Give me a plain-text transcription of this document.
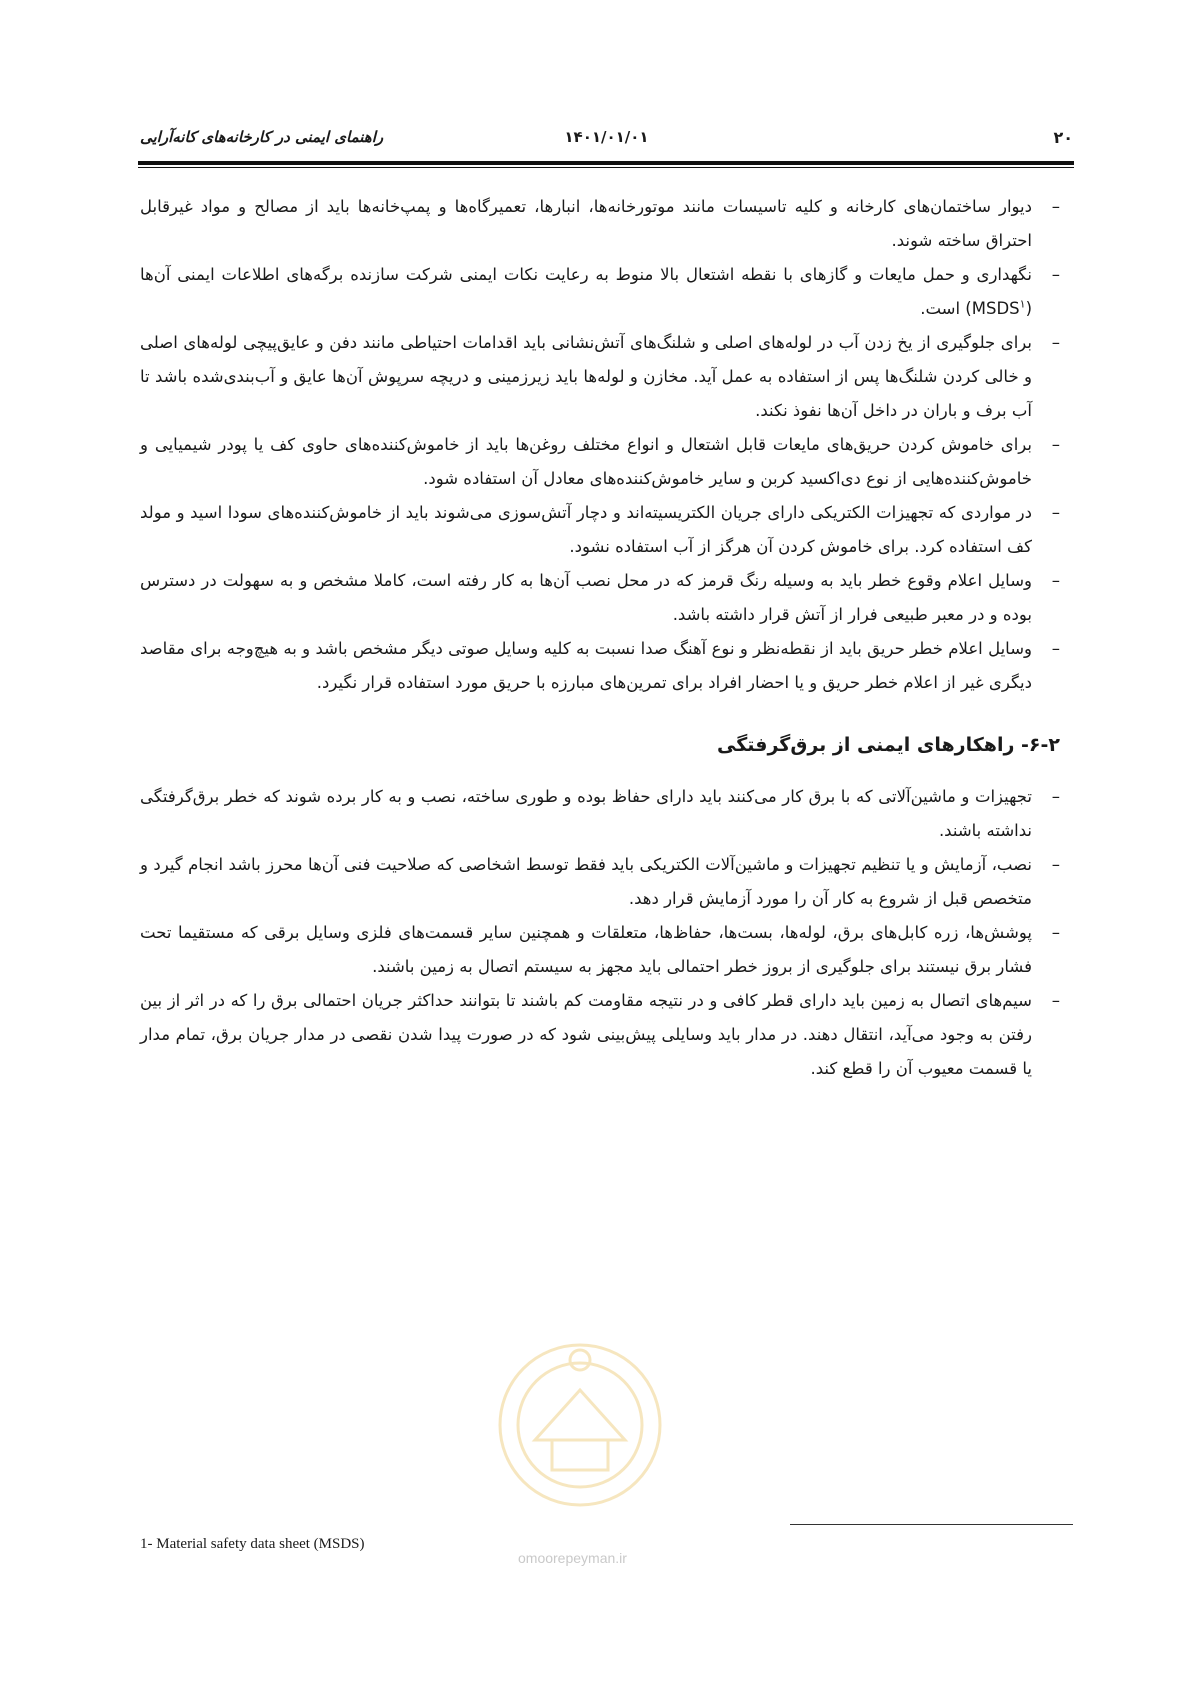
۲۰
۱۴۰۱/۰۱/۰۱
راهنمای ایمنی در کارخانه‌های کانه‌آرایی
–
دیوار ساختمان‌های کارخانه و کلیه تاسیسات مانند موتورخانه‌ها، انبارها، تعمیرگاه‌ها و پمپ‌خانه‌ها باید از مصالح و مواد غیرقابل احتراق ساخته شوند.
–
نگهداری و حمل مایعات و گازهای با نقطه اشتعال بالا منوط به رعایت نکات ایمنی شرکت سازنده برگه‌های اطلاعات ایمنی آن‌ها (MSDS$^۱$) است.
–
برای جلوگیری از یخ زدن آب در لوله‌های اصلی و شلنگ‌های آتش‌نشانی باید اقدامات احتیاطی مانند دفن و عایق‌پیچی لوله‌های اصلی و خالی کردن شلنگ‌ها پس از استفاده به عمل آید. مخازن و لوله‌ها باید زیرزمینی و دریچه سرپوش آن‌ها عایق و آب‌بندی‌شده باشد تا آب برف و باران در داخل آن‌ها نفوذ نکند.
–
برای خاموش کردن حریق‌های مایعات قابل اشتعال و انواع مختلف روغن‌ها باید از خاموش‌کننده‌های حاوی کف یا پودر شیمیایی و خاموش‌کننده‌هایی از نوع دی‌اکسید کربن و سایر خاموش‌کننده‌های معادل آن استفاده شود.
–
در مواردی که تجهیزات الکتریکی دارای جریان الکتریسیته‌اند و دچار آتش‌سوزی می‌شوند باید از خاموش‌کننده‌های سودا اسید و مولد کف استفاده کرد. برای خاموش کردن آن هرگز از آب استفاده نشود.
–
وسایل اعلام وقوع خطر باید به وسیله رنگ قرمز که در محل نصب آن‌ها به کار رفته است، کاملا مشخص و به سهولت در دسترس بوده و در معبر طبیعی فرار از آتش قرار داشته باشد.
–
وسایل اعلام خطر حریق باید از نقطه‌نظر و نوع آهنگ صدا نسبت به کلیه وسایل صوتی دیگر مشخص باشد و به هیچ‌وجه برای مقاصد دیگری غیر از اعلام خطر حریق و یا احضار افراد برای تمرین‌های مبارزه با حریق مورد استفاده قرار نگیرد.
۶-۲- راهکارهای ایمنی از برق‌گرفتگی
–
تجهیزات و ماشین‌آلاتی که با برق کار می‌کنند باید دارای حفاظ بوده و طوری ساخته، نصب و به کار برده شوند که خطر برق‌گرفتگی نداشته باشند.
–
نصب، آزمایش و یا تنظیم تجهیزات و ماشین‌آلات الکتریکی باید فقط توسط اشخاصی که صلاحیت فنی آن‌ها محرز باشد انجام گیرد و متخصص قبل از شروع به کار آن را مورد آزمایش قرار دهد.
–
پوشش‌ها، زره کابل‌های برق، لوله‌ها، بست‌ها، حفاظ‌ها، متعلقات و همچنین سایر قسمت‌های فلزی وسایل برقی که مستقیما تحت فشار برق نیستند برای جلوگیری از بروز خطر احتمالی باید مجهز به سیستم اتصال به زمین باشند.
–
سیم‌های اتصال به زمین باید دارای قطر کافی و در نتیجه مقاومت کم باشند تا بتوانند حداکثر جریان احتمالی برق را که در اثر از بین رفتن به وجود می‌آید، انتقال دهند. در مدار باید وسایلی پیش‌بینی شود که در صورت پیدا شدن نقصی در مدار جریان برق، تمام مدار یا قسمت معیوب آن را قطع کند.
omoorepeyman.ir
1- Material safety data sheet (MSDS)
